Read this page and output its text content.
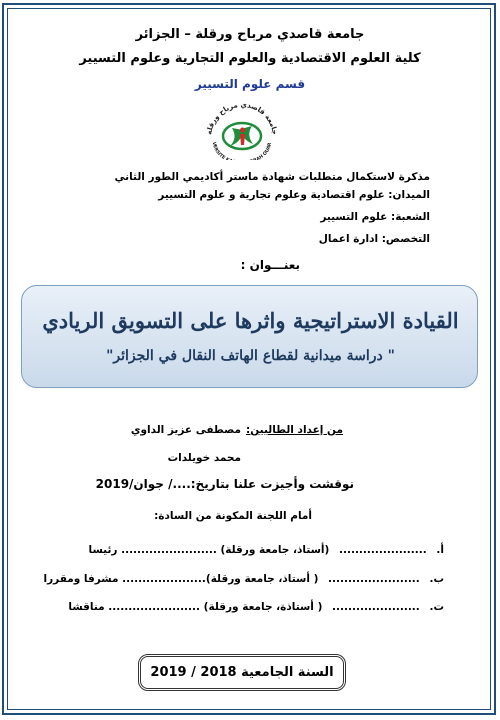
جامعة قاصدي مرباح ورقلة – الجزائر
كلية العلوم الاقتصادية والعلوم التجارية وعلوم التسيير
قسم علوم التسيير
جامعة قاصدي مرباح ورقلة
VERSITE AH OUAR
مذكرة لاستكمال متطلبات شهادة ماستر أكاديمي الطور الثاني
الميدان: علوم اقتصادية وعلوم تجارية و علوم التسيير
الشعبة: علوم التسيير
التخصص: ادارة اعمال
بعنـــوان :
القيادة الاستراتيجية واثرها على التسويق الريادي
" دراسة ميدانية لقطاع الهاتف النقال في الجزائر"
من إعداد الطالبين:
مصطفى عزيز الداوي
محمد خويلدات
نوقشت وأجيزت علنا بتاريخ:..../ جوان/2019
أمام اللجنة المكونة من السادة:
أ. ...................... (أستاذ، جامعة ورقلة) ........................ رئيسا
ب. ....................... ( أستاذ، جامعة ورقلة)..................... مشرفا ومقررا
ت. ...................... ( أستاذة، جامعة ورقلة) ....................... مناقشا
السنة الجامعية 2018 / 2019
